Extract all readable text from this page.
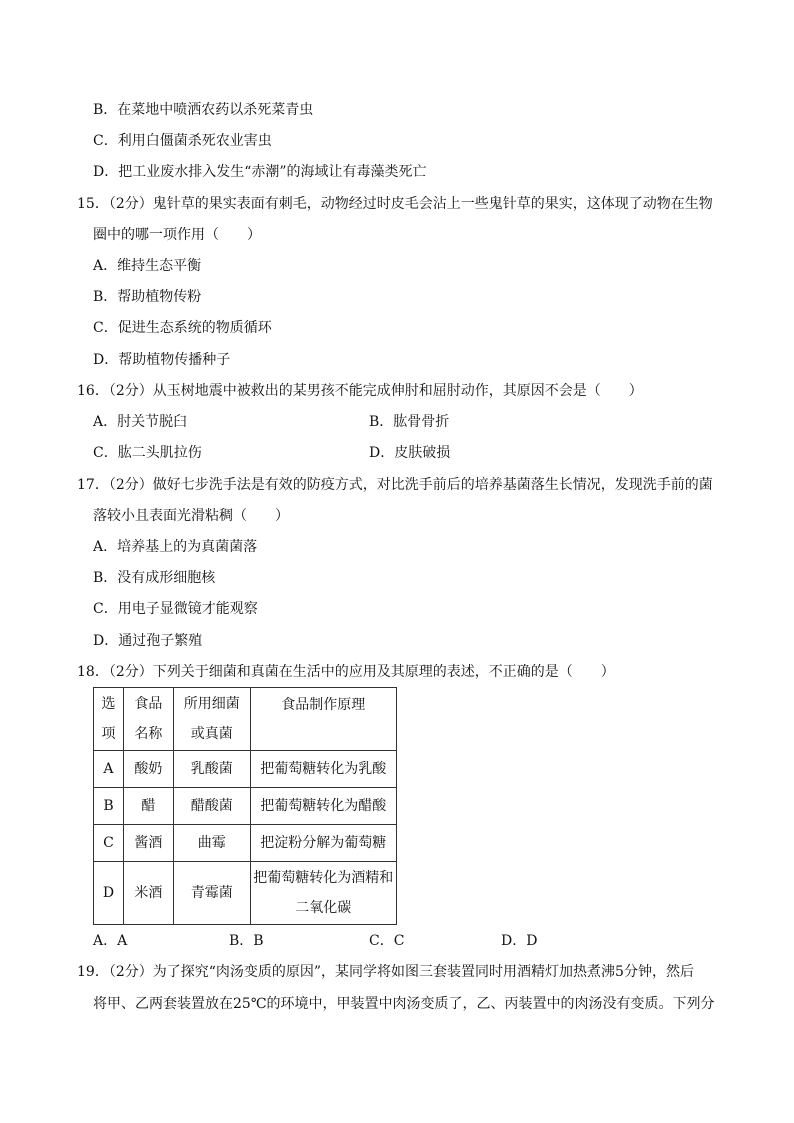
B．在菜地中喷洒农药以杀死菜青虫
C．利用白僵菌杀死农业害虫
D．把工业废水排入发生“赤潮”的海域让有毒藻类死亡
15．（2分）鬼针草的果实表面有刺毛，动物经过时皮毛会沾上一些鬼针草的果实，这体现了动物在生物
圈中的哪一项作用（　　）
A．维持生态平衡
B．帮助植物传粉
C．促进生态系统的物质循环
D．帮助植物传播种子
16．（2分）从玉树地震中被救出的某男孩不能完成伸肘和屈肘动作，其原因不会是（　　）
A．肘关节脱臼	B．肱骨骨折
C．肱二头肌拉伤	D．皮肤破损
17．（2分）做好七步洗手法是有效的防疫方式，对比洗手前后的培养基菌落生长情况，发现洗手前的菌
落较小且表面光滑粘稠（　　）
A．培养基上的为真菌菌落
B．没有成形细胞核
C．用电子显微镜才能观察
D．通过孢子繁殖
18．（2分）下列关于细菌和真菌在生活中的应用及其原理的表述，不正确的是（　　）
选项	食品名称	所用细菌或真菌	食品制作原理
A	酸奶	乳酸菌	把葡萄糖转化为乳酸
B	醋	醋酸菌	把葡萄糖转化为醋酸
C	酱酒	曲霉	把淀粉分解为葡萄糖
D	米酒	青霉菌	把葡萄糖转化为酒精和二氧化碳
A．A	B．B	C．C	D．D
19．（2分）为了探究“肉汤变质的原因”，某同学将如图三套装置同时用酒精灯加热煮沸5分钟，然后
将甲、乙两套装置放在25℃的环境中，甲装置中肉汤变质了，乙、丙装置中的肉汤没有变质。下列分
